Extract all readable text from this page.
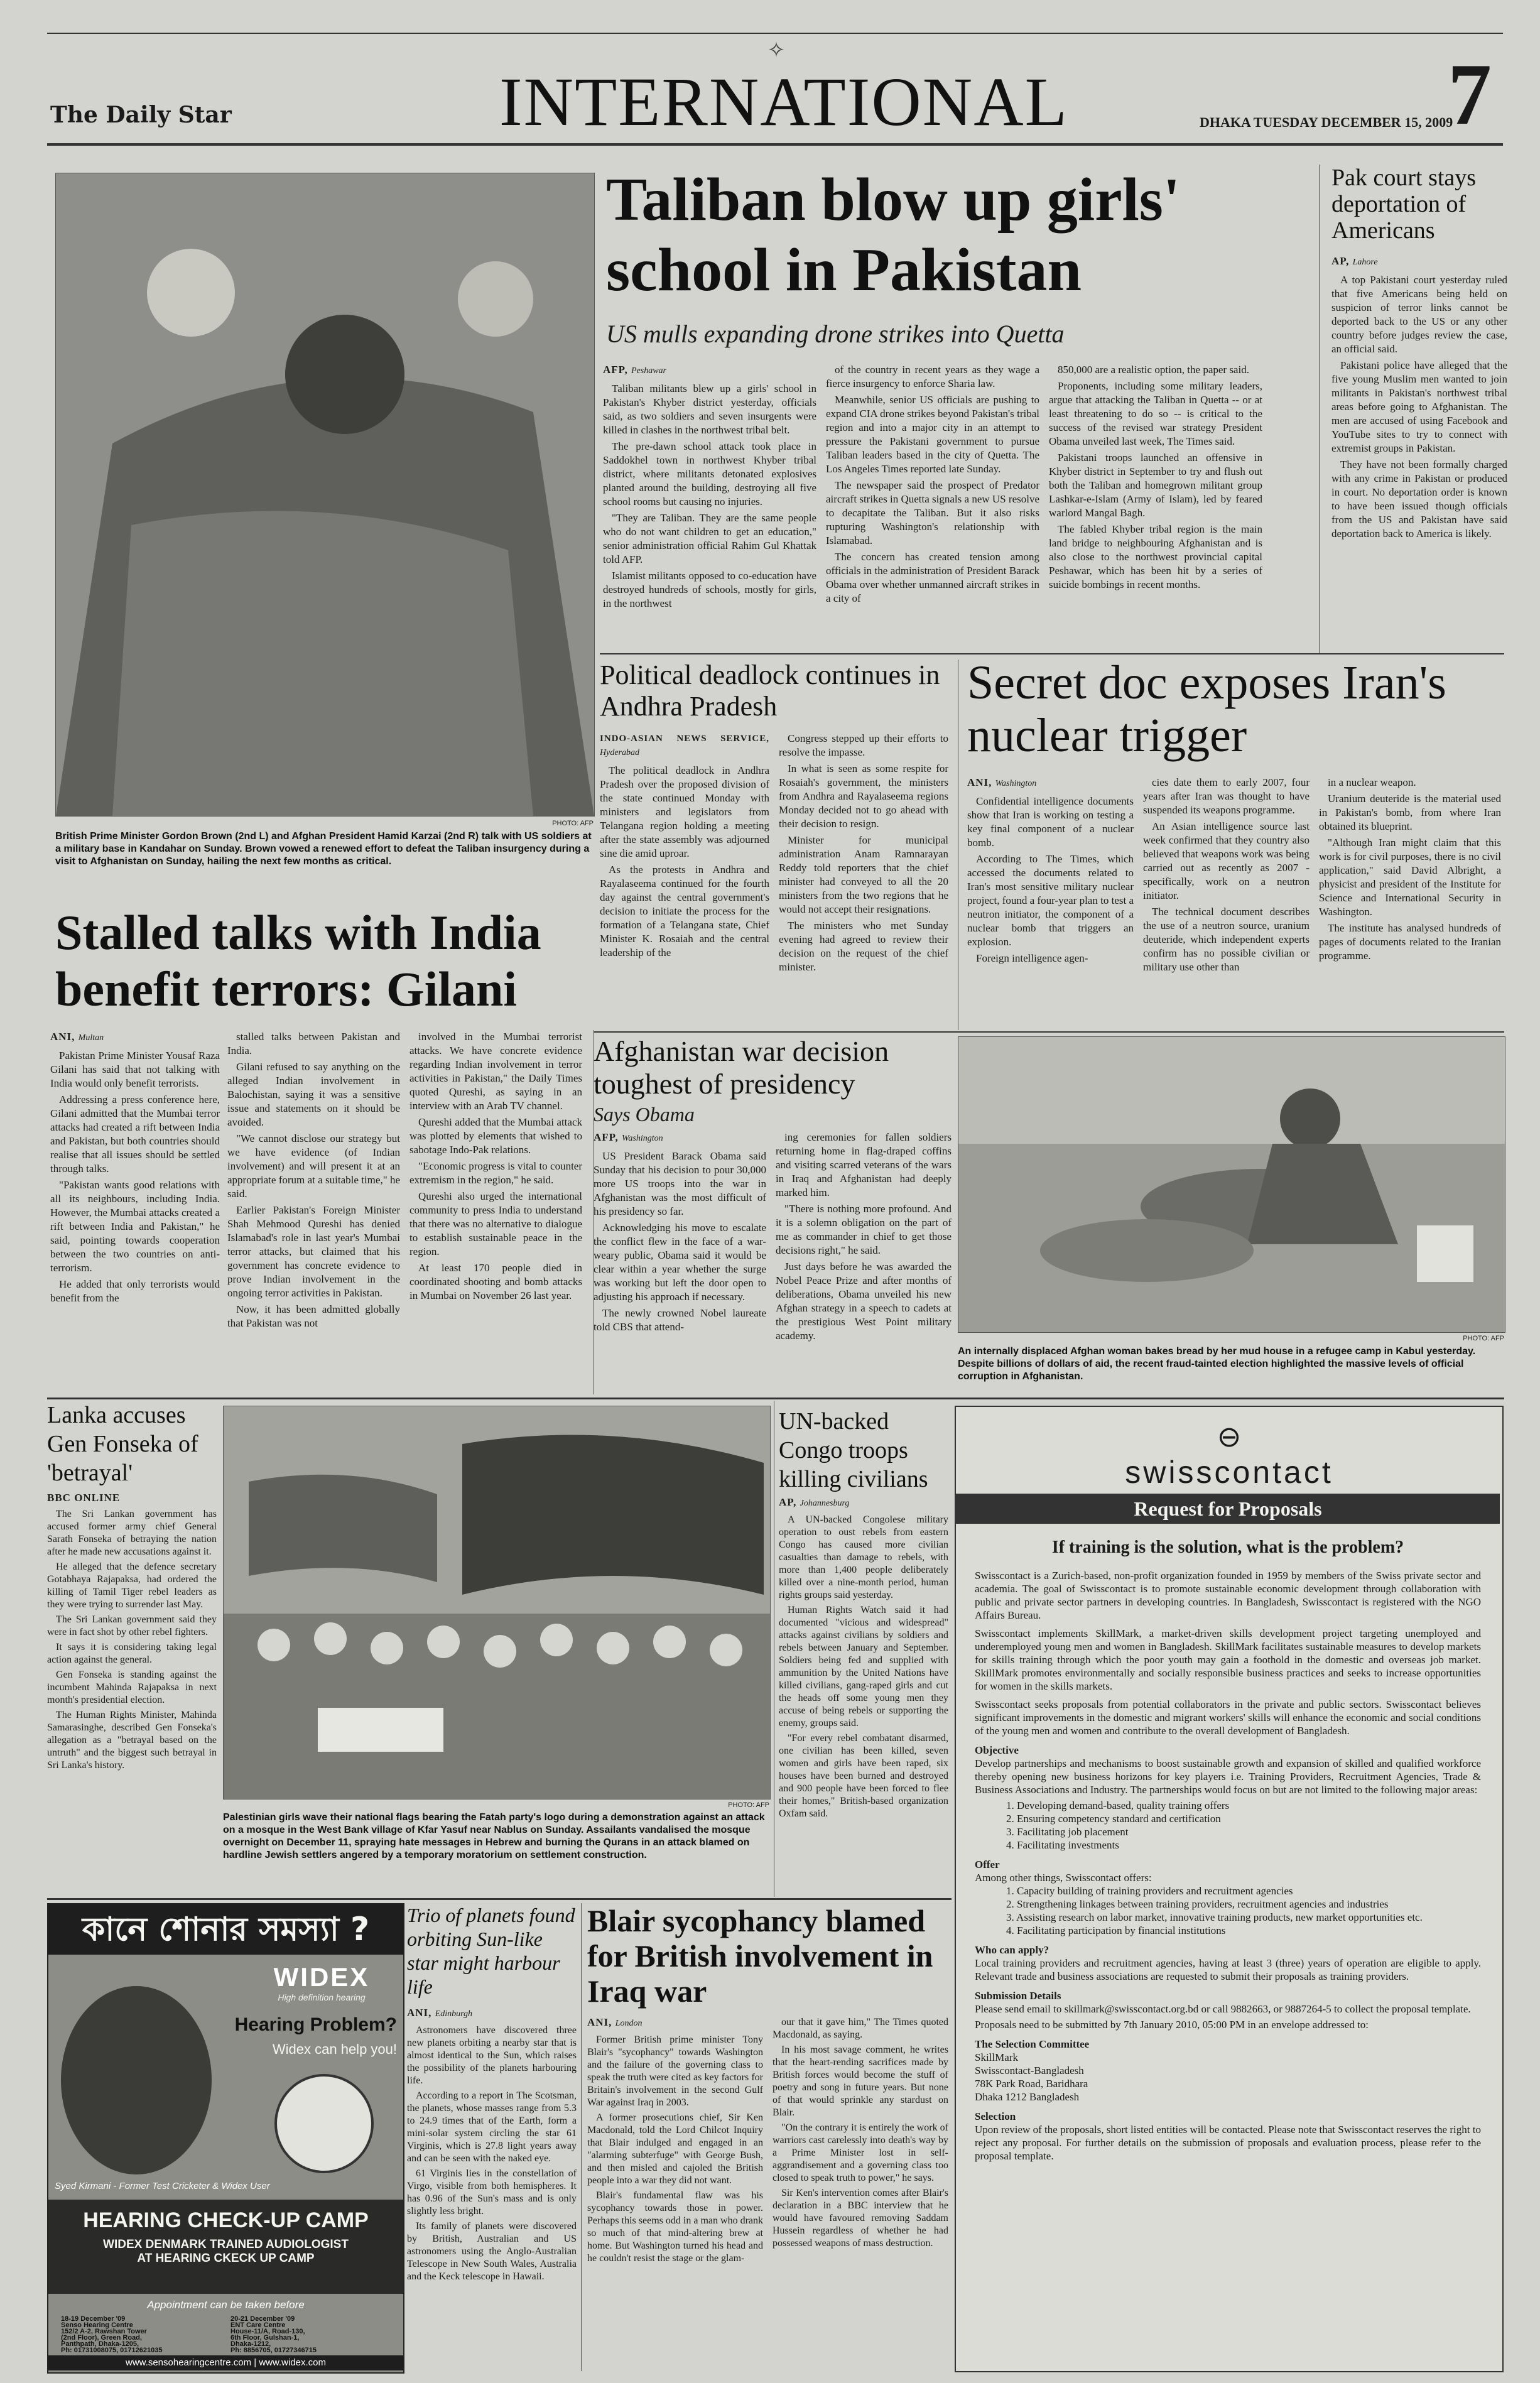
✧
The Daily Star	INTERNATIONAL	DHAKA TUESDAY DECEMBER 15, 2009
7
PHOTO: AFP
British Prime Minister Gordon Brown (2nd L) and Afghan President Hamid Karzai (2nd R) talk with US soldiers at a military base in Kandahar on Sunday. Brown vowed a renewed effort to defeat the Taliban insurgency during a visit to Afghanistan on Sunday, hailing the next few months as critical.
Taliban blow up girls' school in Pakistan
US mulls expanding drone strikes into Quetta
AFP, Peshawar

Taliban militants blew up a girls' school in Pakistan's Khyber district yesterday, officials said, as two soldiers and seven insurgents were killed in clashes in the northwest tribal belt.

The pre-dawn school attack took place in Saddokhel town in northwest Khyber tribal district, where militants detonated explosives planted around the building, destroying all five school rooms but causing no injuries.

"They are Taliban. They are the same people who do not want children to get an education," senior administration official Rahim Gul Khattak told AFP.

Islamist militants opposed to co-education have destroyed hundreds of schools, mostly for girls, in the northwest

of the country in recent years as they wage a fierce insurgency to enforce Sharia law.

Meanwhile, senior US officials are pushing to expand CIA drone strikes beyond Pakistan's tribal region and into a major city in an attempt to pressure the Pakistani government to pursue Taliban leaders based in the city of Quetta. The Los Angeles Times reported late Sunday.

The newspaper said the prospect of Predator aircraft strikes in Quetta signals a new US resolve to decapitate the Taliban. But it also risks rupturing Washington's relationship with Islamabad.

The concern has created tension among officials in the administration of President Barack Obama over whether unmanned aircraft strikes in a city of

850,000 are a realistic option, the paper said.

Proponents, including some military leaders, argue that attacking the Taliban in Quetta -- or at least threatening to do so -- is critical to the success of the revised war strategy President Obama unveiled last week, The Times said.

Pakistani troops launched an offensive in Khyber district in September to try and flush out both the Taliban and homegrown militant group Lashkar-e-Islam (Army of Islam), led by feared warlord Mangal Bagh.

The fabled Khyber tribal region is the main land bridge to neighbouring Afghanistan and is also close to the northwest provincial capital Peshawar, which has been hit by a series of suicide bombings in recent months.

Pak court stays deportation of Americans
AP, Lahore

A top Pakistani court yesterday ruled that five Americans being held on suspicion of terror links cannot be deported back to the US or any other country before judges review the case, an official said.

Pakistani police have alleged that the five young Muslim men wanted to join militants in Pakistan's northwest tribal areas before going to Afghanistan. The men are accused of using Facebook and YouTube sites to try to connect with extremist groups in Pakistan.

They have not been formally charged with any crime in Pakistan or produced in court. No deportation order is known to have been issued though officials from the US and Pakistan have said deportation back to America is likely.

Political deadlock continues in Andhra Pradesh
INDO-ASIAN NEWS SERVICE, Hyderabad

The political deadlock in Andhra Pradesh over the proposed division of the state continued Monday with ministers and legislators from Telangana region holding a meeting after the state assembly was adjourned sine die amid uproar.

As the protests in Andhra and Rayalaseema continued for the fourth day against the central government's decision to initiate the process for the formation of a Telangana state, Chief Minister K. Rosaiah and the central leadership of the

Congress stepped up their efforts to resolve the impasse.

In what is seen as some respite for Rosaiah's government, the ministers from Andhra and Rayalaseema regions Monday decided not to go ahead with their decision to resign.

Minister for municipal administration Anam Ramnarayan Reddy told reporters that the chief minister had conveyed to all the 20 ministers from the two regions that he would not accept their resignations.

The ministers who met Sunday evening had agreed to review their decision on the request of the chief minister.

Secret doc exposes Iran's nuclear trigger
ANI, Washington

Confidential intelligence documents show that Iran is working on testing a key final component of a nuclear bomb.

According to The Times, which accessed the documents related to Iran's most sensitive military nuclear project, found a four-year plan to test a neutron initiator, the component of a nuclear bomb that triggers an explosion.

Foreign intelligence agen-

cies date them to early 2007, four years after Iran was thought to have suspended its weapons programme.

An Asian intelligence source last week confirmed that they country also believed that weapons work was being carried out as recently as 2007 - specifically, work on a neutron initiator.

The technical document describes the use of a neutron source, uranium deuteride, which independent experts confirm has no possible civilian or military use other than

in a nuclear weapon.

Uranium deuteride is the material used in Pakistan's bomb, from where Iran obtained its blueprint.

"Although Iran might claim that this work is for civil purposes, there is no civil application," said David Albright, a physicist and president of the Institute for Science and International Security in Washington.

The institute has analysed hundreds of pages of documents related to the Iranian programme.

Stalled talks with India benefit terrors: Gilani
ANI, Multan

Pakistan Prime Minister Yousaf Raza Gilani has said that not talking with India would only benefit terrorists.

Addressing a press conference here, Gilani admitted that the Mumbai terror attacks had created a rift between India and Pakistan, but both countries should realise that all issues should be settled through talks.

"Pakistan wants good relations with all its neighbours, including India. However, the Mumbai attacks created a rift between India and Pakistan," he said, pointing towards cooperation between the two countries on anti-terrorism.

He added that only terrorists would benefit from the

stalled talks between Pakistan and India.

Gilani refused to say anything on the alleged Indian involvement in Balochistan, saying it was a sensitive issue and statements on it should be avoided.

"We cannot disclose our strategy but we have evidence (of Indian involvement) and will present it at an appropriate forum at a suitable time," he said.

Earlier Pakistan's Foreign Minister Shah Mehmood Qureshi has denied Islamabad's role in last year's Mumbai terror attacks, but claimed that his government has concrete evidence to prove Indian involvement in the ongoing terror activities in Pakistan.

Now, it has been admitted globally that Pakistan was not

involved in the Mumbai terrorist attacks. We have concrete evidence regarding Indian involvement in terror activities in Pakistan," the Daily Times quoted Qureshi, as saying in an interview with an Arab TV channel.

Qureshi added that the Mumbai attack was plotted by elements that wished to sabotage Indo-Pak relations.

"Economic progress is vital to counter extremism in the region," he said.

Qureshi also urged the international community to press India to understand that there was no alternative to dialogue to establish sustainable peace in the region.

At least 170 people died in coordinated shooting and bomb attacks in Mumbai on November 26 last year.

Afghanistan war decision toughest of presidency
Says Obama
AFP, Washington

US President Barack Obama said Sunday that his decision to pour 30,000 more US troops into the war in Afghanistan was the most difficult of his presidency so far.

Acknowledging his move to escalate the conflict flew in the face of a war-weary public, Obama said it would be clear within a year whether the surge was working but left the door open to adjusting his approach if necessary.

The newly crowned Nobel laureate told CBS that attend-

ing ceremonies for fallen soldiers returning home in flag-draped coffins and visiting scarred veterans of the wars in Iraq and Afghanistan had deeply marked him.

"There is nothing more profound. And it is a solemn obligation on the part of me as commander in chief to get those decisions right," he said.

Just days before he was awarded the Nobel Peace Prize and after months of deliberations, Obama unveiled his new Afghan strategy in a speech to cadets at the prestigious West Point military academy.	PHOTO: AFP
An internally displaced Afghan woman bakes bread by her mud house in a refugee camp in Kabul yesterday. Despite billions of dollars of aid, the recent fraud-tainted election highlighted the massive levels of official corruption in Afghanistan.
Lanka accuses Gen Fonseka of 'betrayal'
BBC ONLINE

The Sri Lankan government has accused former army chief General Sarath Fonseka of betraying the nation after he made new accusations against it.

He alleged that the defence secretary Gotabhaya Rajapaksa, had ordered the killing of Tamil Tiger rebel leaders as they were trying to surrender last May.

The Sri Lankan government said they were in fact shot by other rebel fighters.

It says it is considering taking legal action against the general.

Gen Fonseka is standing against the incumbent Mahinda Rajapaksa in next month's presidential election.

The Human Rights Minister, Mahinda Samarasinghe, described Gen Fonseka's allegation as a "betrayal based on the untruth" and the biggest such betrayal in Sri Lanka's history.

PHOTO: AFP
Palestinian girls wave their national flags bearing the Fatah party's logo during a demonstration against an attack on a mosque in the West Bank village of Kfar Yasuf near Nablus on Sunday. Assailants vandalised the mosque overnight on December 11, spraying hate messages in Hebrew and burning the Qurans in an attack blamed on hardline Jewish settlers angered by a temporary moratorium on settlement construction.
UN-backed Congo troops killing civilians
AP, Johannesburg

A UN-backed Congolese military operation to oust rebels from eastern Congo has caused more civilian casualties than damage to rebels, with more than 1,400 people deliberately killed over a nine-month period, human rights groups said yesterday.

Human Rights Watch said it had documented "vicious and widespread" attacks against civilians by soldiers and rebels between January and September. Soldiers being fed and supplied with ammunition by the United Nations have killed civilians, gang-raped girls and cut the heads off some young men they accuse of being rebels or supporting the enemy, groups said.

"For every rebel combatant disarmed, one civilian has been killed, seven women and girls have been raped, six houses have been burned and destroyed and 900 people have been forced to flee their homes," British-based organization Oxfam said.

⊖
swisscontact
Request for Proposals
If training is the solution, what is the problem?

Swisscontact is a Zurich-based, non-profit organization founded in 1959 by members of the Swiss private sector and academia. The goal of Swisscontact is to promote sustainable economic development through collaboration with public and private sector partners in developing countries. In Bangladesh, Swisscontact is registered with the NGO Affairs Bureau.

Swisscontact implements SkillMark, a market-driven skills development project targeting unemployed and underemployed young men and women in Bangladesh. SkillMark facilitates sustainable measures to develop markets for skills training through which the poor youth may gain a foothold in the domestic and overseas job market. SkillMark promotes environmentally and socially responsible business practices and seeks to increase opportunities for women in the skills markets.

Swisscontact seeks proposals from potential collaborators in the private and public sectors. Swisscontact believes significant improvements in the domestic and migrant workers' skills will enhance the economic and social conditions of the young men and women and contribute to the overall development of Bangladesh.

Objective

Develop partnerships and mechanisms to boost sustainable growth and expansion of skilled and qualified workforce thereby opening new business horizons for key players i.e. Training Providers, Recruitment Agencies, Trade & Business Associations and Industry. The partnerships would focus on but are not limited to the following major areas:

1. Developing demand-based, quality training offers
2. Ensuring competency standard and certification
3. Facilitating job placement
4. Facilitating investments
Offer
Among other things, Swisscontact offers:
1. Capacity building of training providers and recruitment agencies
2. Strengthening linkages between training providers, recruitment agencies and industries
3. Assisting research on labor market, innovative training products, new market opportunities etc.
4. Facilitating participation by financial institutions
Who can apply?

Local training providers and recruitment agencies, having at least 3 (three) years of operation are eligible to apply. Relevant trade and business associations are requested to submit their proposals as training providers.

Submission Details

Please send email to skillmark@swisscontact.org.bd or call 9882663, or 9887264-5 to collect the proposal template.

Proposals need to be submitted by 7th January 2010, 05:00 PM in an envelope addressed to:

The Selection Committee
SkillMark
Swisscontact-Bangladesh
78K Park Road, Baridhara
Dhaka 1212 Bangladesh
Selection

Upon review of the proposals, short listed entities will be contacted. Please note that Swisscontact reserves the right to reject any proposal. For further details on the submission of proposals and evaluation process, please refer to the proposal template.

কানে শোনার সমস্যা ?
WIDEX
High definition hearing
Hearing Problem?
Widex can help you!
Syed Kirmani - Former Test Cricketer & Widex User
HEARING CHECK-UP CAMP
WIDEX DENMARK TRAINED AUDIOLOGIST
AT HEARING CKECK UP CAMP
Appointment can be taken before
18-19 December '09
Senso Hearing Centre
152/2 A-2, Rawshan Tower
(2nd Floor), Green Road,
Panthpath, Dhaka-1205,
Ph: 01731008075, 01712621035
20-21 December '09
ENT Care Centre
House-11/A, Road-130,
6th Floor, Gulshan-1,
Dhaka-1212,
Ph: 8856705, 01727346715
www.sensohearingcentre.com | www.widex.com
Trio of planets found orbiting Sun-like star might harbour life
ANI, Edinburgh

Astronomers have discovered three new planets orbiting a nearby star that is almost identical to the Sun, which raises the possibility of the planets harbouring life.

According to a report in The Scotsman, the planets, whose masses range from 5.3 to 24.9 times that of the Earth, form a mini-solar system circling the star 61 Virginis, which is 27.8 light years away and can be seen with the naked eye.

61 Virginis lies in the constellation of Virgo, visible from both hemispheres. It has 0.96 of the Sun's mass and is only slightly less bright.

Its family of planets were discovered by British, Australian and US astronomers using the Anglo-Australian Telescope in New South Wales, Australia and the Keck telescope in Hawaii.

Blair sycophancy blamed for British involvement in Iraq war
ANI, London

Former British prime minister Tony Blair's "sycophancy" towards Washington and the failure of the governing class to speak the truth were cited as key factors for Britain's involvement in the second Gulf War against Iraq in 2003.

A former prosecutions chief, Sir Ken Macdonald, told the Lord Chilcot Inquiry that Blair indulged and engaged in an "alarming subterfuge" with George Bush, and then misled and cajoled the British people into a war they did not want.

Blair's fundamental flaw was his sycophancy towards those in power. Perhaps this seems odd in a man who drank so much of that mind-altering brew at home. But Washington turned his head and he couldn't resist the stage or the glam-

our that it gave him," The Times quoted Macdonald, as saying.

In his most savage comment, he writes that the heart-rending sacrifices made by British forces would become the stuff of poetry and song in future years. But none of that would sprinkle any stardust on Blair.

"On the contrary it is entirely the work of warriors cast carelessly into death's way by a Prime Minister lost in self-aggrandisement and a governing class too closed to speak truth to power," he says.

Sir Ken's intervention comes after Blair's declaration in a BBC interview that he would have favoured removing Saddam Hussein regardless of whether he had possessed weapons of mass destruction.
